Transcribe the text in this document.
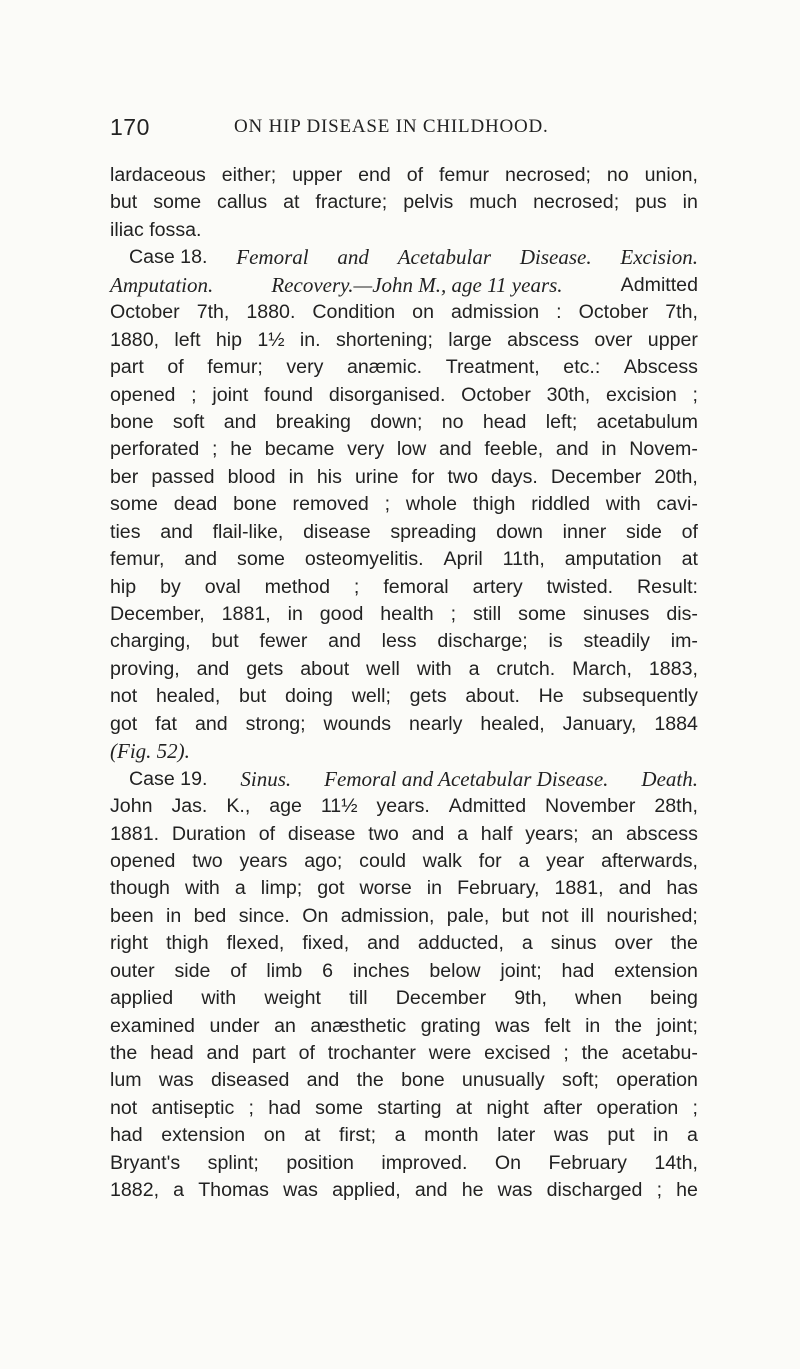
170	ON HIP DISEASE IN CHILDHOOD.
lardaceous either; upper end of femur necrosed; no union,
but some callus at fracture; pelvis much necrosed; pus in
iliac fossa.
Case 18. Femoral and Acetabular Disease. Excision.
Amputation.	Recovery.—John M., age 11 years.	Admitted
October 7th, 1880. Condition on admission : October 7th,
1880, left hip 1½ in. shortening; large abscess over upper
part of femur; very anæmic. Treatment, etc.: Abscess
opened ; joint found disorganised. October 30th, excision ;
bone soft and breaking down; no head left; acetabulum
perforated ; he became very low and feeble, and in Novem-
ber passed blood in his urine for two days. December 20th,
some dead bone removed ; whole thigh riddled with cavi-
ties and flail-like, disease spreading down inner side of
femur, and some osteomyelitis. April 11th, amputation at
hip by oval method ; femoral artery twisted. Result:
December, 1881, in good health ; still some sinuses dis-
charging, but fewer and less discharge; is steadily im-
proving, and gets about well with a crutch. March, 1883,
not healed, but doing well; gets about. He subsequently
got fat and strong; wounds nearly healed, January, 1884
(Fig. 52).
Case 19. Sinus. Femoral and Acetabular Disease. Death.
John Jas. K., age 11½ years. Admitted November 28th,
1881. Duration of disease two and a half years; an abscess
opened two years ago; could walk for a year afterwards,
though with a limp; got worse in February, 1881, and has
been in bed since. On admission, pale, but not ill nourished;
right thigh flexed, fixed, and adducted, a sinus over the
outer side of limb 6 inches below joint; had extension
applied with weight till December 9th, when being
examined under an anæsthetic grating was felt in the joint;
the head and part of trochanter were excised ; the acetabu-
lum was diseased and the bone unusually soft; operation
not antiseptic ; had some starting at night after operation ;
had extension on at first; a month later was put in a
Bryant's splint; position improved. On February 14th,
1882, a Thomas was applied, and he was discharged ; he
